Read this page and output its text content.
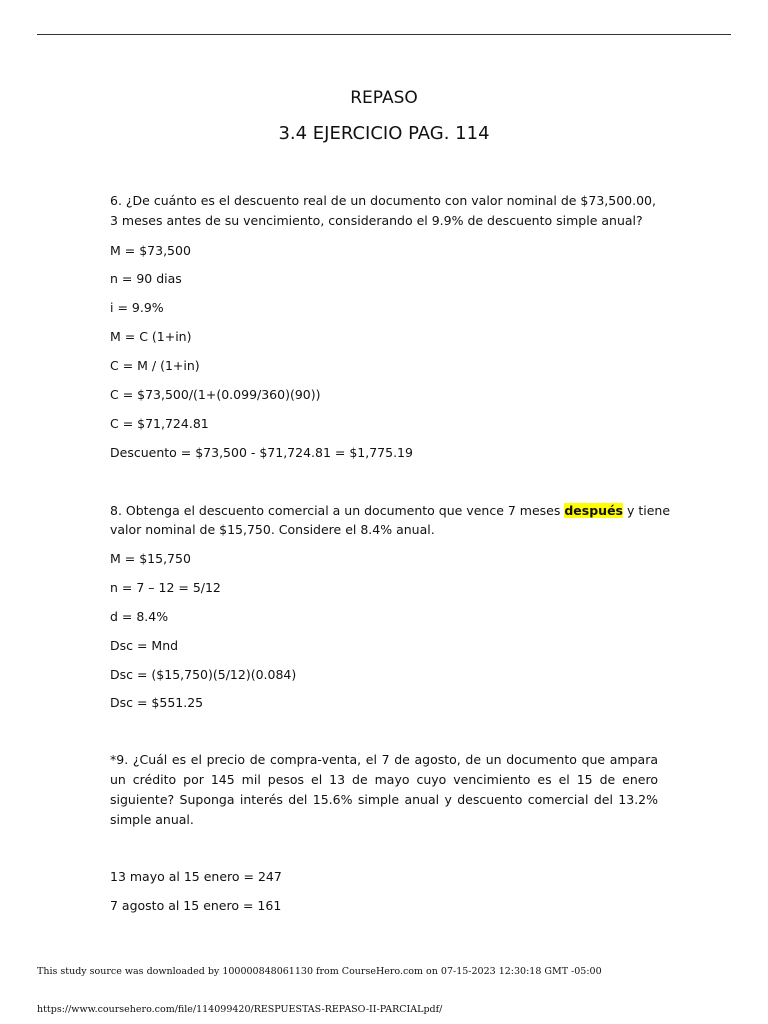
REPASO
3.4 EJERCICIO PAG. 114
6. ¿De cuánto es el descuento real de un documento con valor nominal de $73,500.00,
3 meses antes de su vencimiento, considerando el 9.9% de descuento simple anual?
M = $73,500
n = 90 dias
i = 9.9%
M = C (1+in)
C = M / (1+in)
C = $73,500/(1+(0.099/360)(90))
C = $71,724.81
Descuento = $73,500 - $71,724.81 = $1,775.19
8. Obtenga el descuento comercial a un documento que vence 7 meses después y tiene
valor nominal de $15,750. Considere el 8.4% anual.
M = $15,750
n = 7 – 12 = 5/12
d = 8.4%
Dsc = Mnd
Dsc = ($15,750)(5/12)(0.084)
Dsc = $551.25
*9. ¿Cuál es el precio de compra-venta, el 7 de agosto, de un documento que ampara un crédito por 145 mil pesos el 13 de mayo cuyo vencimiento es el 15 de enero siguiente? Suponga interés del 15.6% simple anual y descuento comercial del 13.2% simple anual.
13 mayo al 15 enero = 247
7 agosto al 15 enero = 161
This study source was downloaded by 100000848061130 from CourseHero.com on 07-15-2023 12:30:18 GMT -05:00
https://www.coursehero.com/file/114099420/RESPUESTAS-REPASO-II-PARCIALpdf/
